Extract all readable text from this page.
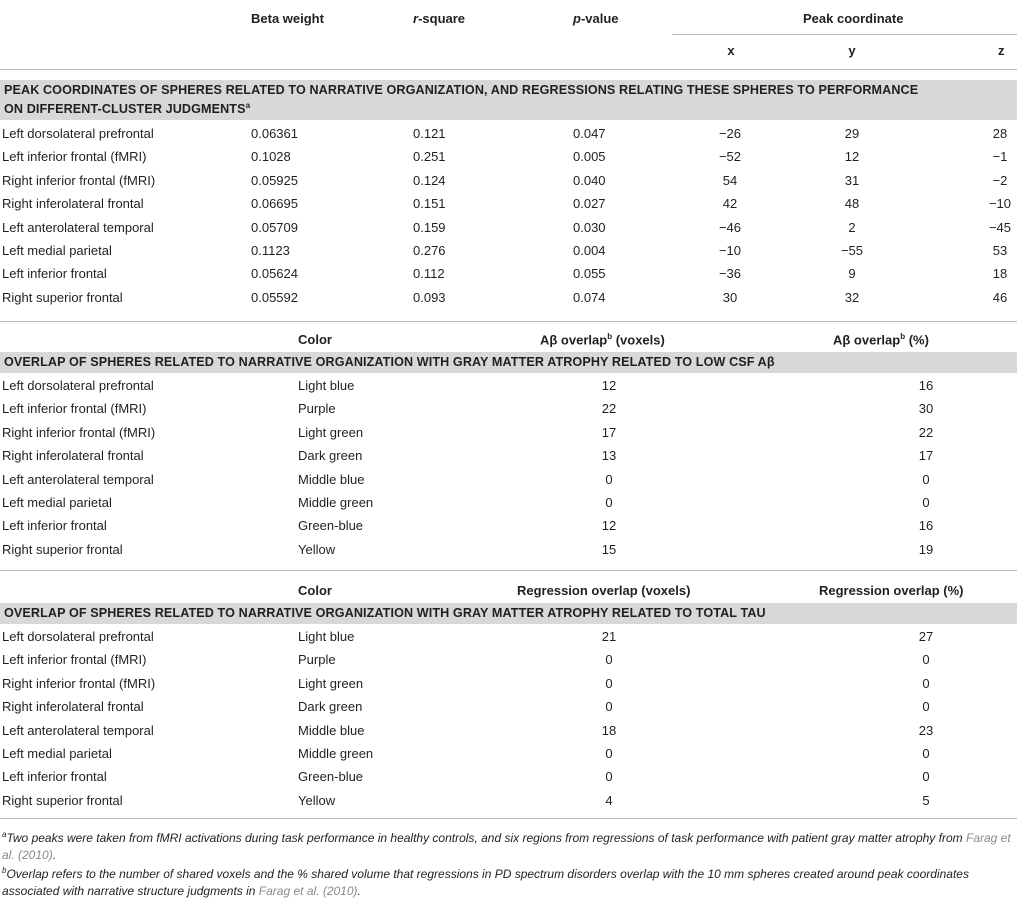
Beta weight	r-square	p-value	Peak coordinate
x	y	z
PEAK COORDINATES OF SPHERES RELATED TO NARRATIVE ORGANIZATION, AND REGRESSIONS RELATING THESE SPHERES TO PERFORMANCE
ON DIFFERENT-CLUSTER JUDGMENTS$^a$
Left dorsolateral prefrontal	0.06361	0.121	0.047	−26	29	28
Left inferior frontal (fMRI)	0.1028	0.251	0.005	−52	12	−1
Right inferior frontal (fMRI)	0.05925	0.124	0.040	54	31	−2
Right inferolateral frontal	0.06695	0.151	0.027	42	48	−10
Left anterolateral temporal	0.05709	0.159	0.030	−46	2	−45
Left medial parietal	0.1123	0.276	0.004	−10	−55	53
Left inferior frontal	0.05624	0.112	0.055	−36	9	18
Right superior frontal	0.05592	0.093	0.074	30	32	46
Color	Aβ overlap$^b$ (voxels)	Aβ overlap$^b$ (%)
OVERLAP OF SPHERES RELATED TO NARRATIVE ORGANIZATION WITH GRAY MATTER ATROPHY RELATED TO LOW CSF Aβ
Left dorsolateral prefrontal	Light blue	12	16
Left inferior frontal (fMRI)	Purple	22	30
Right inferior frontal (fMRI)	Light green	17	22
Right inferolateral frontal	Dark green	13	17
Left anterolateral temporal	Middle blue	0	0
Left medial parietal	Middle green	0	0
Left inferior frontal	Green-blue	12	16
Right superior frontal	Yellow	15	19
Color	Regression overlap (voxels)	Regression overlap (%)
OVERLAP OF SPHERES RELATED TO NARRATIVE ORGANIZATION WITH GRAY MATTER ATROPHY RELATED TO TOTAL TAU
Left dorsolateral prefrontal	Light blue	21	27
Left inferior frontal (fMRI)	Purple	0	0
Right inferior frontal (fMRI)	Light green	0	0
Right inferolateral frontal	Dark green	0	0
Left anterolateral temporal	Middle blue	18	23
Left medial parietal	Middle green	0	0
Left inferior frontal	Green-blue	0	0
Right superior frontal	Yellow	4	5
$^a$Two peaks were taken from fMRI activations during task performance in healthy controls, and six regions from regressions of task performance with patient gray matter atrophy from Farag et al. (2010).
$^b$Overlap refers to the number of shared voxels and the % shared volume that regressions in PD spectrum disorders overlap with the 10 mm spheres created around peak coordinates associated with narrative structure judgments in Farag et al. (2010).
